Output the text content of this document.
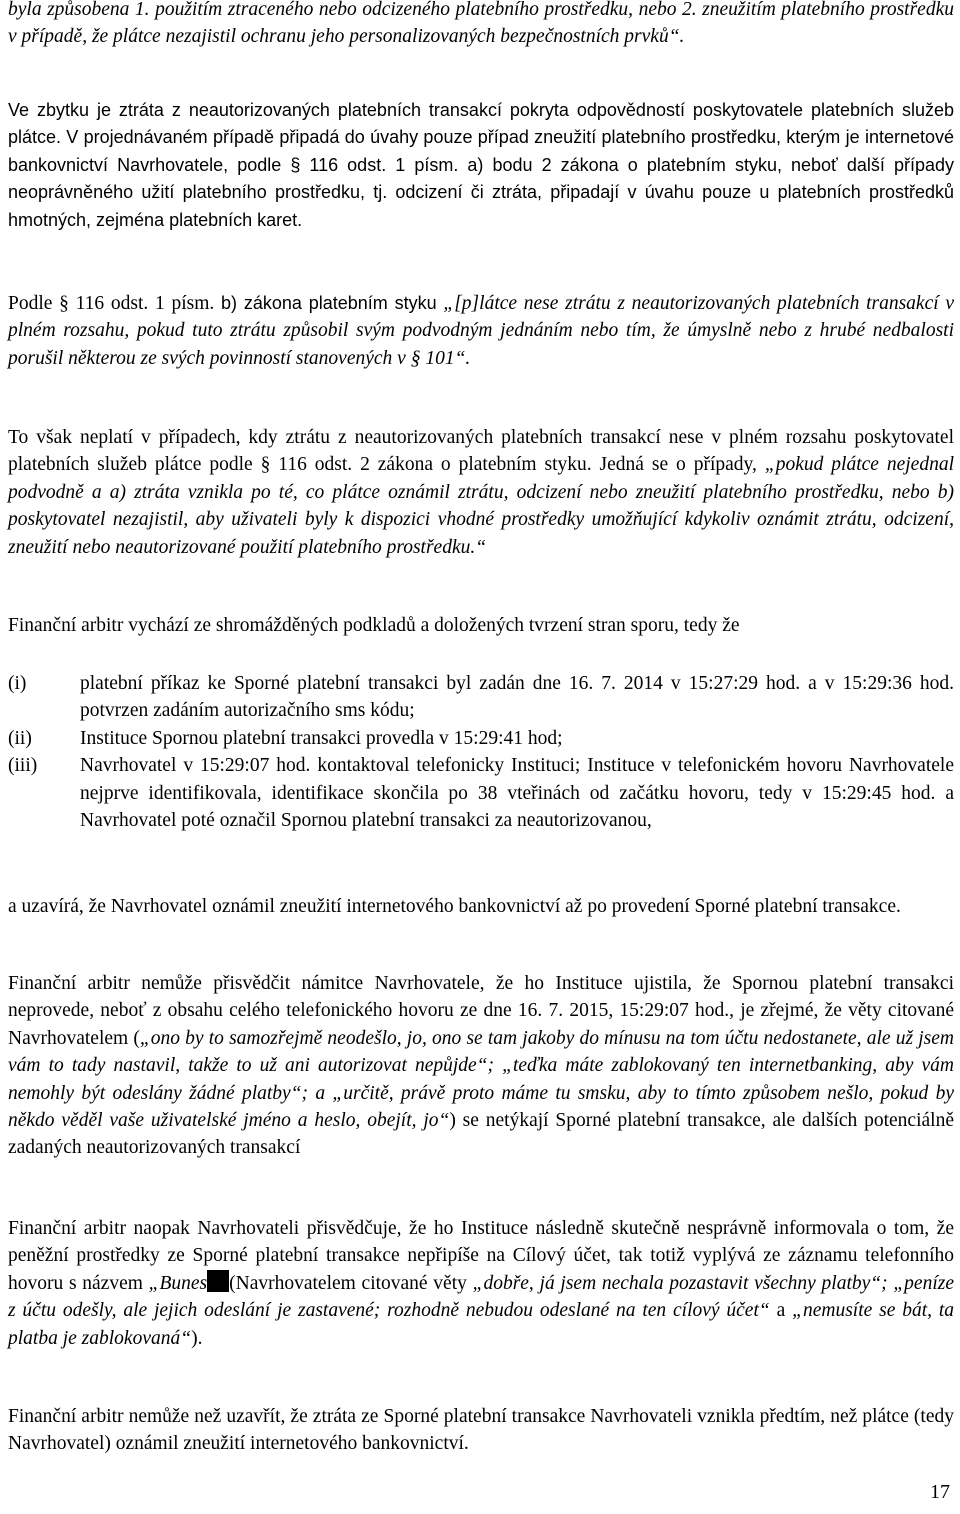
byla způsobena 1. použitím ztraceného nebo odcizeného platebního prostředku, nebo 2. zneužitím platebního prostředku v případě, že plátce nezajistil ochranu jeho personalizovaných bezpečnostních prvků“.

Ve zbytku je ztráta z neautorizovaných platebních transakcí pokryta odpovědností poskytovatele platebních služeb plátce. V projednávaném případě připadá do úvahy pouze případ zneužití platebního prostředku, kterým je internetové bankovnictví Navrhovatele, podle § 116 odst. 1 písm. a) bodu 2 zákona o platebním styku, neboť další případy neoprávněného užití platebního prostředku, tj. odcizení či ztráta, připadají v úvahu pouze u platebních prostředků hmotných, zejména platebních karet.

Podle § 116 odst. 1 písm. b) zákona platebním styku „[p]látce nese ztrátu z neautorizovaných platebních transakcí v plném rozsahu, pokud tuto ztrátu způsobil svým podvodným jednáním nebo tím, že úmyslně nebo z hrubé nedbalosti porušil některou ze svých povinností stanovených v § 101“.

To však neplatí v případech, kdy ztrátu z neautorizovaných platebních transakcí nese v plném rozsahu poskytovatel platebních služeb plátce podle § 116 odst. 2 zákona o platebním styku. Jedná se o případy, „pokud plátce nejednal podvodně a a) ztráta vznikla po té, co plátce oznámil ztrátu, odcizení nebo zneužití platebního prostředku, nebo b) poskytovatel nezajistil, aby uživateli byly k dispozici vhodné prostředky umožňující kdykoliv oznámit ztrátu, odcizení, zneužití nebo neautorizované použití platebního prostředku.“

Finanční arbitr vychází ze shromážděných podkladů a doložených tvrzení stran sporu, tedy že

(i)	platební příkaz ke Sporné platební transakci byl zadán dne 16. 7. 2014 v 15:27:29 hod. a v 15:29:36 hod. potvrzen zadáním autorizačního sms kódu;
(ii)	Instituce Spornou platební transakci provedla v 15:29:41 hod;
(iii)	Navrhovatel v 15:29:07 hod. kontaktoval telefonicky Instituci; Instituce v telefonickém hovoru Navrhovatele nejprve identifikovala, identifikace skončila po 38 vteřinách od začátku hovoru, tedy v 15:29:45 hod. a Navrhovatel poté označil Spornou platební transakci za neautorizovanou,

a uzavírá, že Navrhovatel oznámil zneužití internetového bankovnictví až po provedení Sporné platební transakce.

Finanční arbitr nemůže přisvědčit námitce Navrhovatele, že ho Instituce ujistila, že Spornou platební transakci neprovede, neboť z obsahu celého telefonického hovoru ze dne 16. 7. 2015, 15:29:07 hod., je zřejmé, že věty citované Navrhovatelem („ono by to samozřejmě neodešlo, jo, ono se tam jakoby do mínusu na tom účtu nedostanete, ale už jsem vám to tady nastavil, takže to už ani autorizovat nepůjde“; „teďka máte zablokovaný ten internetbanking, aby vám nemohly být odeslány žádné platby“; a „určitě, právě proto máme tu smsku, aby to tímto způsobem nešlo, pokud by někdo věděl vaše uživatelské jméno a heslo, obejít, jo“) se netýkají Sporné platební transakce, ale dalších potenciálně zadaných neautorizovaných transakcí

Finanční arbitr naopak Navrhovateli přisvědčuje, že ho Instituce následně skutečně nesprávně informovala o tom, že peněžní prostředky ze Sporné platební transakce nepřipíše na Cílový účet, tak totiž vyplývá ze záznamu telefonního hovoru s názvem „Bunes (Navrhovatelem citované věty „dobře, já jsem nechala pozastavit všechny platby“; „peníze z účtu odešly, ale jejich odeslání je zastavené; rozhodně nebudou odeslané na ten cílový účet“ a „nemusíte se bát, ta platba je zablokovaná“).

Finanční arbitr nemůže než uzavřít, že ztráta ze Sporné platební transakce Navrhovateli vznikla předtím, než plátce (tedy Navrhovatel) oznámil zneužití internetového bankovnictví.

17
